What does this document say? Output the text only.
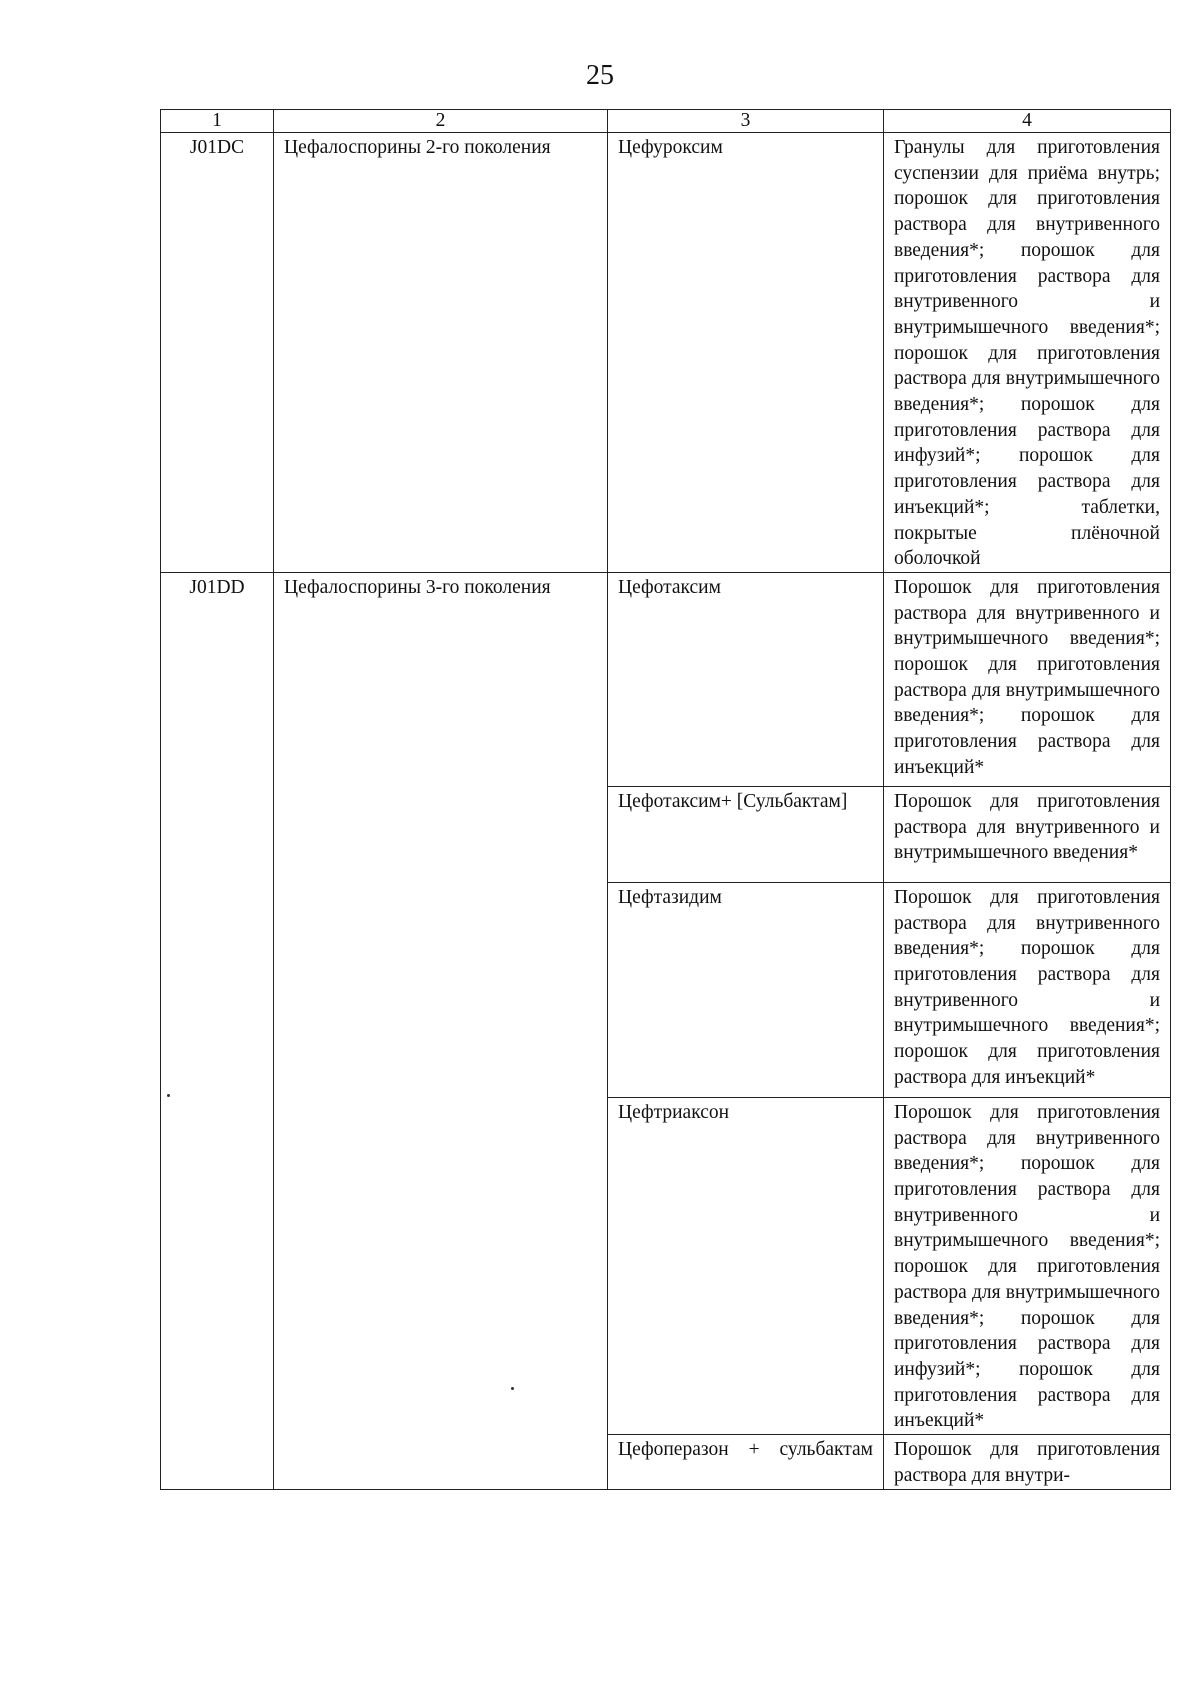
25
1	2	3	4
J01DC	Цефалоспорины 2-го поколения	Цефуроксим	Гранулы для приготовления суспензии для приёма внутрь; порошок для приготовления раствора для внутривенного введения*; порошок для приготовления раствора для внутривенного и внутримышечного введения*; порошок для приготовления раствора для внутримышечного введения*; порошок для приготовления раствора для инфузий*; порошок для приготовления раствора для инъекций*; таблетки, покрытые плёночной оболочкой
J01DD	Цефалоспорины 3-го поколения	Цефотаксим	Порошок для приготовления раствора для внутривенного и внутримышечного введения*; порошок для приготовления раствора для внутримышечного введения*; порошок для приготовления раствора для инъекций*
		Цефотаксим+ [Сульбактам]	Порошок для приготовления раствора для внутривенного и внутримышечного введения*
		Цефтазидим	Порошок для приготовления раствора для внутривенного введения*; порошок для приготовления раствора для внутривенного и внутримышечного введения*; порошок для приготовления раствора для инъекций*
		Цефтриаксон	Порошок для приготовления раствора для внутривенного введения*; порошок для приготовления раствора для внутривенного и внутримышечного введения*; порошок для приготовления раствора для внутримышечного введения*; порошок для приготовления раствора для инфузий*; порошок для приготовления раствора для инъекций*
		Цефоперазон + сульбактам	Порошок для приготовления раствора для внутри-
